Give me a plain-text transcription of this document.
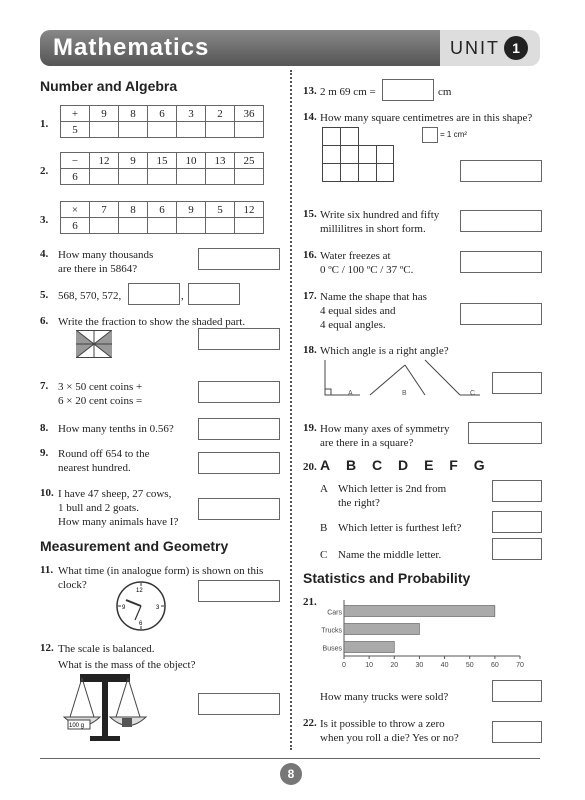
Mathematics	UNIT 1
Number and Algebra
1.
+	9	8	6	3	2	36
5						
2.
−	12	9	15	10	13	25
6						
3.
×	7	8	6	9	5	12
6						
4. How many thousands
are there in 5864?
5. 568, 570, 572,	,
6. Write the fraction to show the shaded part.
7. 3 × 50 cent coins +
6 × 20 cent coins =
8. How many tenths in 0.56?
9. Round off 654 to the
nearest hundred.
10. I have 47 sheep, 27 cows,
1 bull and 2 goats.
How many animals have I?
Measurement and Geometry
11. What time (in analogue form) is shown on this
clock?	12
3
6
9
12. The scale is balanced.
What is the mass of the object?
100 g
13. 2 m 69 cm =	cm
14. How many square centimetres are in this shape?
= 1 cm²
15. Write six hundred and fifty
millilitres in short form.
16. Water freezes at
0 ºC / 100 ºC / 37 ºC.
17. Name the shape that has
4 equal sides and
4 equal angles.
18. Which angle is a right angle?
A	B	C
19. How many axes of symmetry
are there in a square?
20. A B C D E F G
A Which letter is 2nd from
the right?
B Which letter is furthest left?
C Name the middle letter.
Statistics and Probability
21.
Cars
Trucks
Buses
0	10 20 30 40 50 60 70
How many trucks were sold?
22. Is it possible to throw a zero
when you roll a die? Yes or no?
8
